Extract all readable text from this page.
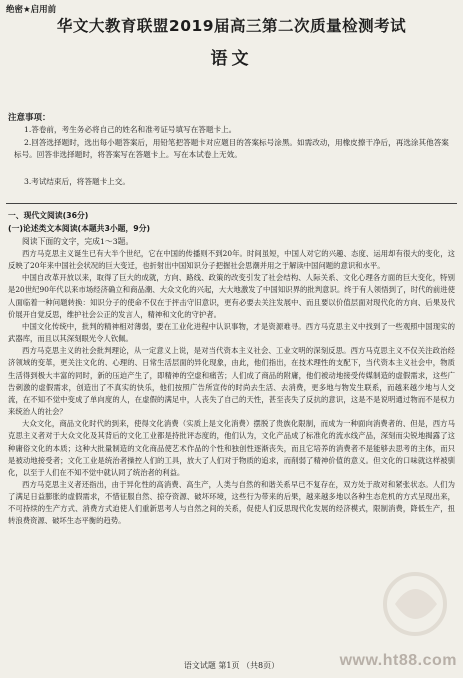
绝密★启用前
华文大教育联盟2019届高三第二次质量检测考试
语文
注意事项：
1.答卷前，考生务必将自己的姓名和准考证号填写在答题卡上。
2.回答选择题时，选出每小题答案后，用铅笔把答题卡对应题目的答案标号涂黑。如需改动，用橡皮擦干净后，再选涂其他答案标号。回答非选择题时，将答案写在答题卡上。写在本试卷上无效。
3.考试结束后，将答题卡上交。
一、现代文阅读(36分)
(一)论述类文本阅读(本题共3小题，9分)
阅读下面的文字，完成1～3题。

西方马克思主义诞生已有大半个世纪，它在中国的传播则不到20年。时间虽短，中国人对它的兴趣、态度、运用却有很大的变化，这反映了20年来中国社会状况的巨大变迁，也折射出中国知识分子把握社会思潮并用之于解读中国问题的意识和水平。

中国自改革开放以来，取得了巨大的成就，方向、路线、政策的改变引发了社会结构、人际关系、文化心理各方面的巨大变化，特别是20世纪90年代以来市场经济确立和商品潮、大众文化的兴起，大大地激发了中国知识界的批判意识。终于有人领悟到了，时代的前进使人面临着一种问题转换：知识分子的使命不仅在于抨击守旧意识，更有必要去关注发展中、而且要以价值层面对现代化的方向、后果及代价展开自觉反思，维护社会公正的发言人，精神和文化的守护者。

中国文化传统中，批判的精神相对薄弱，要在工业化进程中认识事物，才是资源难寻。西方马克思主义中找到了一些观照中国现实的武器库，而且以其深刻眼光令人钦佩。

西方马克思主义的社会批判理论，从一定意义上说，是对当代资本主义社会、工业文明的深刻反思。西方马克思主义不仅关注政治经济领域的变革，更关注文化的、心理的、日常生活层面的异化现象，由此，他们指出，在技术理性的支配下，当代资本主义社会中，物质生活得到极大丰富的同时，新的压迫产生了，即精神的空虚和痛苦；人们成了商品的附庸，他们被动地接受传媒制造的虚假需求，这些广告刺激的虚假需求，创造出了不真实的快乐，他们按照广告所宣传的时尚去生活、去消费，更多地与物发生联系，而越来越少地与人交流，在不知不觉中变成了单向度的人，在虚假的满足中，人丧失了自己的天性，甚至丧失了反抗的意识，这是不是说明通过物而不是权力来统治人的社会？

大众文化，商品文化时代的到来，使得文化消费（实质上是文化消费）摆脱了贵族化限制，而成为一种面向消费者的、但是，西方马克思主义者对于大众文化及其背后的文化工业都是持批评态度的，他们认为，文化产品成了标准化的流水线产品，深刻而尖锐地揭露了这种庸俗文化的本质；这种大批量制造的文化商品使艺术作品的个性和独创性逐渐丧失，而且它培养的消费者不是能够去思考的主体，而只是被动地接受者；文化工业是统治者操控人们的工具，放大了人们对于物质的追求，而削弱了精神价值的意义。但文化的口味就这样被驯化，以至于人们在不知不觉中就认同了统治者的利益。

西方马克思主义者还指出，由于异化性的高消费、高生产，人类与自然的和谐关系早已不复存在，双方处于敌对和紧张状态。人们为了满足日益膨胀的虚假需求，不惜征服自然、掠夺资源、破坏环境，这些行为带来的后果，越来越多地以各种生态危机的方式呈现出来，不可持续的生产方式、消费方式迫使人们重新思考人与自然之间的关系，促使人们反思现代化发展的经济模式，限制消费，降低生产，扭转浪费资源、破坏生态平衡的趋势。

www.ht88.com
语文试题 第1页 （共8页）
